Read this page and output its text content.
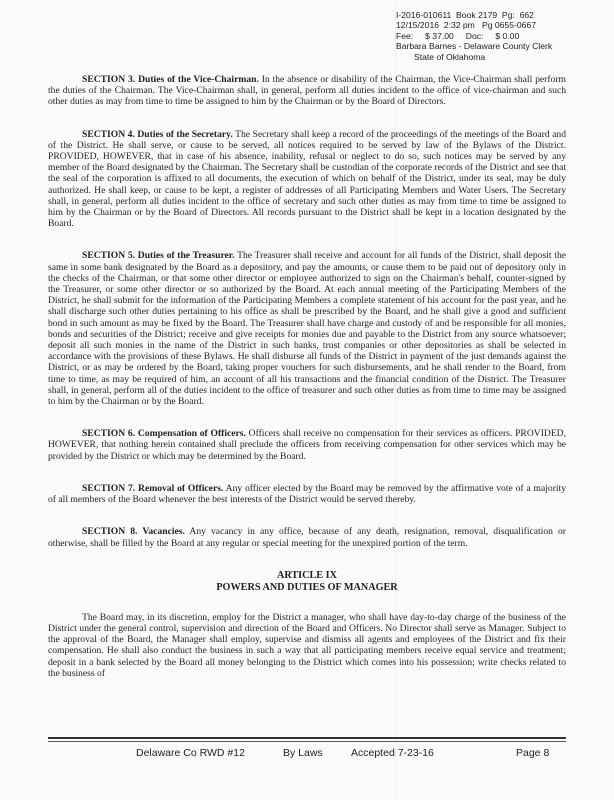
I-2016-010611  Book 2179  Pg:  662
12/15/2016  2:32 pm   Pg 0655-0667
Fee:     $ 37.00     Doc:     $ 0.00
Barbara Barnes - Delaware County Clerk
State of Oklahoma

SECTION 3. Duties of the Vice-Chairman. In the absence or disability of the Chairman, the Vice-Chairman shall perform the duties of the Chairman. The Vice-Chairman shall, in general, perform all duties incident to the office of vice-chairman and such other duties as may from time to time be assigned to him by the Chairman or by the Board of Directors.

SECTION 4. Duties of the Secretary. The Secretary shall keep a record of the proceedings of the meetings of the Board and of the District. He shall serve, or cause to be served, all notices required to be served by law of the Bylaws of the District. PROVIDED, HOWEVER, that in case of his absence, inability, refusal or neglect to do so, such notices may be served by any member of the Board designated by the Chairman. The Secretary shall be custodian of the corporate records of the District and see that the seal of the corporation is affixed to all documents, the execution of which on behalf of the District, under its seal, may be duly authorized. He shall keep, or cause to be kept, a register of addresses of all Participating Members and Water Users. The Secretary shall, in general, perform all duties incident to the office of secretary and such other duties as may from time to time be assigned to him by the Chairman or by the Board of Directors. All records pursuant to the District shall be kept in a location designated by the Board.

SECTION 5. Duties of the Treasurer. The Treasurer shall receive and account for all funds of the District, shall deposit the same in some bank designated by the Board as a depository, and pay the amounts, or cause them to be paid out of depository only in the checks of the Chairman, or that some other director or employee authorized to sign on the Chairman's behalf, counter-signed by the Treasurer, or some other director or so authorized by the Board. At each annual meeting of the Participating Members of the District, he shall submit for the information of the Participating Members a complete statement of his account for the past year, and he shall discharge such other duties pertaining to his office as shall be prescribed by the Board, and he shall give a good and sufficient bond in such amount as may be fixed by the Board. The Treasurer shall have charge and custody of and be responsible for all monies, bonds and securities of the District; receive and give receipts for monies due and payable to the District from any source whatsoever; deposit all such monies in the name of the District in such banks, trust companies or other depositories as shall be selected in accordance with the provisions of these Bylaws. He shall disburse all funds of the District in payment of the just demands against the District, or as may be ordered by the Board, taking proper vouchers for such disbursements, and he shall render to the Board, from time to time, as may be required of him, an account of all his transactions and the financial condition of the District. The Treasurer shall, in general, perform all of the duties incident to the office of treasurer and such other duties as from time to time may be assigned to him by the Chairman or by the Board.

SECTION 6. Compensation of Officers. Officers shall receive no compensation for their services as officers. PROVIDED, HOWEVER, that nothing herein contained shall preclude the officers from receiving compensation for other services which may be provided by the District or which may be determined by the Board.

SECTION 7. Removal of Officers. Any officer elected by the Board may be removed by the affirmative vote of a majority of all members of the Board whenever the best interests of the District would be served thereby.

SECTION 8. Vacancies. Any vacancy in any office, because of any death, resignation, removal, disqualification or otherwise, shall be filled by the Board at any regular or special meeting for the unexpired portion of the term.

ARTICLE IX
POWERS AND DUTIES OF MANAGER

The Board may, in its discretion, employ for the District a manager, who shall have day-to-day charge of the business of the District under the general control, supervision and direction of the Board and Officers. No Director shall serve as Manager. Subject to the approval of the Board, the Manager shall employ, supervise and dismiss all agents and employees of the District and fix their compensation. He shall also conduct the business in such a way that all participating members receive equal service and treatment; deposit in a bank selected by the Board all money belonging to the District which comes into his possession; write checks related to the business of

Delaware Co RWD #12	By Laws	Accepted 7-23-16	Page 8
